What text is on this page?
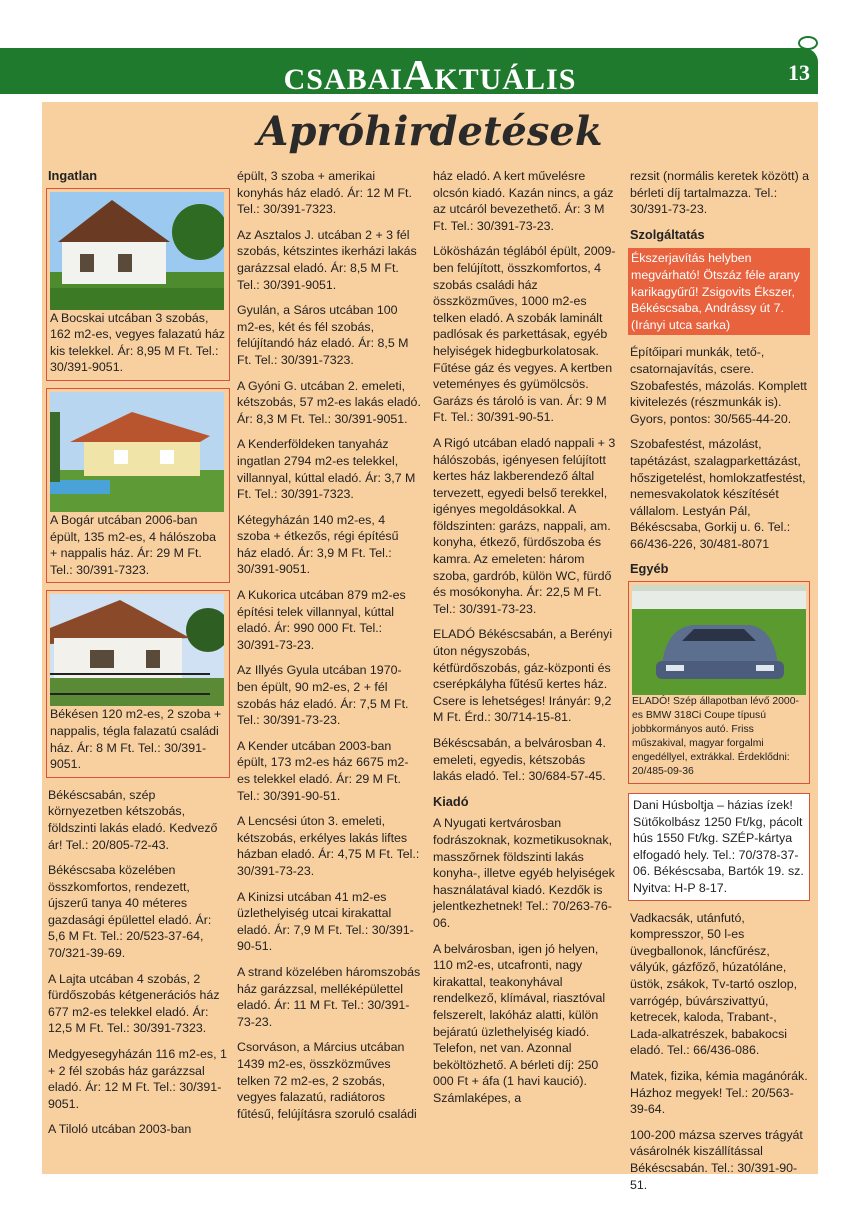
CSABAIAKTUÁLIS	13
Apróhirdetések
Ingatlan
A Bocskai utcában 3 szobás, 162 m2-es, vegyes falazatú ház kis telekkel. Ár: 8,95 M Ft. Tel.: 30/391-9051.
A Bogár utcában 2006-ban épült, 135 m2-es, 4 hálószoba + nappalis ház. Ár: 29 M Ft. Tel.: 30/391-7323.
Békésen 120 m2-es, 2 szoba + nappalis, tégla falazatú családi ház. Ár: 8 M Ft. Tel.: 30/391-9051.

Békéscsabán, szép környezetben kétszobás, földszinti lakás eladó. Kedvező ár! Tel.: 20/805-72-43.

Békéscsaba közelében összkomfortos, rendezett, újszerű tanya 40 méteres gazdasági épülettel eladó. Ár: 5,6 M Ft. Tel.: 20/523-37-64, 70/321-39-69.

A Lajta utcában 4 szobás, 2 fürdőszobás kétgenerációs ház 677 m2-es telekkel eladó. Ár: 12,5 M Ft. Tel.: 30/391-7323.

Medgyesegyházán 116 m2-es, 1 + 2 fél szobás ház garázzsal eladó. Ár: 12 M Ft. Tel.: 30/391-9051.

A Tiloló utcában 2003-ban

épült, 3 szoba + amerikai konyhás ház eladó. Ár: 12 M Ft. Tel.: 30/391-7323.

Az Asztalos J. utcában 2 + 3 fél szobás, kétszintes ikerházi lakás garázzsal eladó. Ár: 8,5 M Ft. Tel.: 30/391-9051.

Gyulán, a Sáros utcában 100 m2-es, két és fél szobás, felújítandó ház eladó. Ár: 8,5 M Ft. Tel.: 30/391-7323.

A Gyóni G. utcában 2. emeleti, kétszobás, 57 m2-es lakás eladó. Ár: 8,3 M Ft. Tel.: 30/391-9051.

A Kenderföldeken tanyaház ingatlan 2794 m2-es telekkel, villannyal, kúttal eladó. Ár: 3,7 M Ft. Tel.: 30/391-7323.

Kétegyházán 140 m2-es, 4 szoba + étkezős, régi építésű ház eladó. Ár: 3,9 M Ft. Tel.: 30/391-9051.

A Kukorica utcában 879 m2-es építési telek villannyal, kúttal eladó. Ár: 990 000 Ft. Tel.: 30/391-73-23.

Az Illyés Gyula utcában 1970-ben épült, 90 m2-es, 2 + fél szobás ház eladó. Ár: 7,5 M Ft. Tel.: 30/391-73-23.

A Kender utcában 2003-ban épült, 173 m2-es ház 6675 m2-es telekkel eladó. Ár: 29 M Ft. Tel.: 30/391-90-51.

A Lencsési úton 3. emeleti, kétszobás, erkélyes lakás liftes házban eladó. Ár: 4,75 M Ft. Tel.: 30/391-73-23.

A Kinizsi utcában 41 m2-es üzlethelyiség utcai kirakattal eladó. Ár: 7,9 M Ft. Tel.: 30/391-90-51.

A strand közelében háromszobás ház garázzsal, melléképülettel eladó. Ár: 11 M Ft. Tel.: 30/391-73-23.

Csorváson, a Március utcában 1439 m2-es, összközműves telken 72 m2-es, 2 szobás, vegyes falazatú, radiátoros fűtésű, felújításra szoruló családi

ház eladó. A kert művelésre olcsón kiadó. Kazán nincs, a gáz az utcáról bevezethető. Ár: 3 M Ft. Tel.: 30/391-73-23.

Lökösházán téglából épült, 2009-ben felújított, összkomfortos, 4 szobás családi ház összközműves, 1000 m2-es telken eladó. A szobák laminált padlósak és parkettásak, egyéb helyiségek hidegburkolatosak. Fűtése gáz és vegyes. A kertben veteményes és gyümölcsös. Garázs és tároló is van. Ár: 9 M Ft. Tel.: 30/391-90-51.

A Rigó utcában eladó nappali + 3 hálószobás, igényesen felújított kertes ház lakberendező által tervezett, egyedi belső terekkel, igényes megoldásokkal. A földszinten: garázs, nappali, am. konyha, étkező, fürdőszoba és kamra. Az emeleten: három szoba, gardrób, külön WC, fürdő és mosókonyha. Ár: 22,5 M Ft. Tel.: 30/391-73-23.

ELADÓ Békéscsabán, a Berényi úton négyszobás, kétfürdőszobás, gáz-központi és cserépkályha fűtésű kertes ház. Csere is lehetséges! Irányár: 9,2 M Ft. Érd.: 30/714-15-81.

Békéscsabán, a belvárosban 4. emeleti, egyedis, kétszobás lakás eladó. Tel.: 30/684-57-45.

Kiadó

A Nyugati kertvárosban fodrászoknak, kozmetikusoknak, masszőrnek földszinti lakás konyha-, illetve egyéb helyiségek használatával kiadó. Kezdők is jelentkezhetnek! Tel.: 70/263-76-06.

A belvárosban, igen jó helyen, 110 m2-es, utcafronti, nagy kirakattal, teakonyhával rendelkező, klímával, riasztóval felszerelt, lakóház alatti, külön bejáratú üzlethelyiség kiadó. Telefon, net van. Azonnal beköltözhető. A bérleti díj: 250 000 Ft + áfa (1 havi kaució). Számlaképes, a

rezsit (normális keretek között) a bérleti díj tartalmazza. Tel.: 30/391-73-23.

Szolgáltatás
Ékszerjavítás helyben megvárható! Ötszáz féle arany karikagyűrű! Zsigovits Ékszer, Békéscsaba, Andrássy út 7. (Irányi utca sarka)

Építőipari munkák, tető-, csatornajavítás, csere. Szobafestés, mázolás. Komplett kivitelezés (részmunkák is). Gyors, pontos: 30/565-44-20.

Szobafestést, mázolást, tapétázást, szalagparkettázást, hőszigetelést, homlokzatfestést, nemesvakolatok készítését vállalom. Lestyán Pál, Békéscsaba, Gorkij u. 6. Tel.: 66/436-226, 30/481-8071

Egyéb
ELADÓ! Szép állapotban lévő 2000-es BMW 318Ci Coupe típusú jobbkormányos autó. Friss műszakival, magyar forgalmi engedéllyel, extrákkal. Érdeklődni: 20/485-09-36
Dani Húsboltja – házias ízek! Sütőkolbász 1250 Ft/kg, pácolt hús 1550 Ft/kg. SZÉP-kártya elfogadó hely. Tel.: 70/378-37-06. Békéscsaba, Bartók 19. sz. Nyitva: H-P 8-17.

Vadkacsák, utánfutó, kompresszor, 50 l-es üvegballonok, láncfűrész, vályúk, gázfőző, húzatóláne, üstök, zsákok, Tv-tartó oszlop, varrógép, búvárszivattyú, ketrecek, kaloda, Trabant-, Lada-alkatrészek, babakocsi eladó. Tel.: 66/436-086.

Matek, fizika, kémia magánórák. Házhoz megyek! Tel.: 20/563-39-64.

100-200 mázsa szerves trágyát vásárolnék kiszállítással Békéscsabán. Tel.: 30/391-90-51.
